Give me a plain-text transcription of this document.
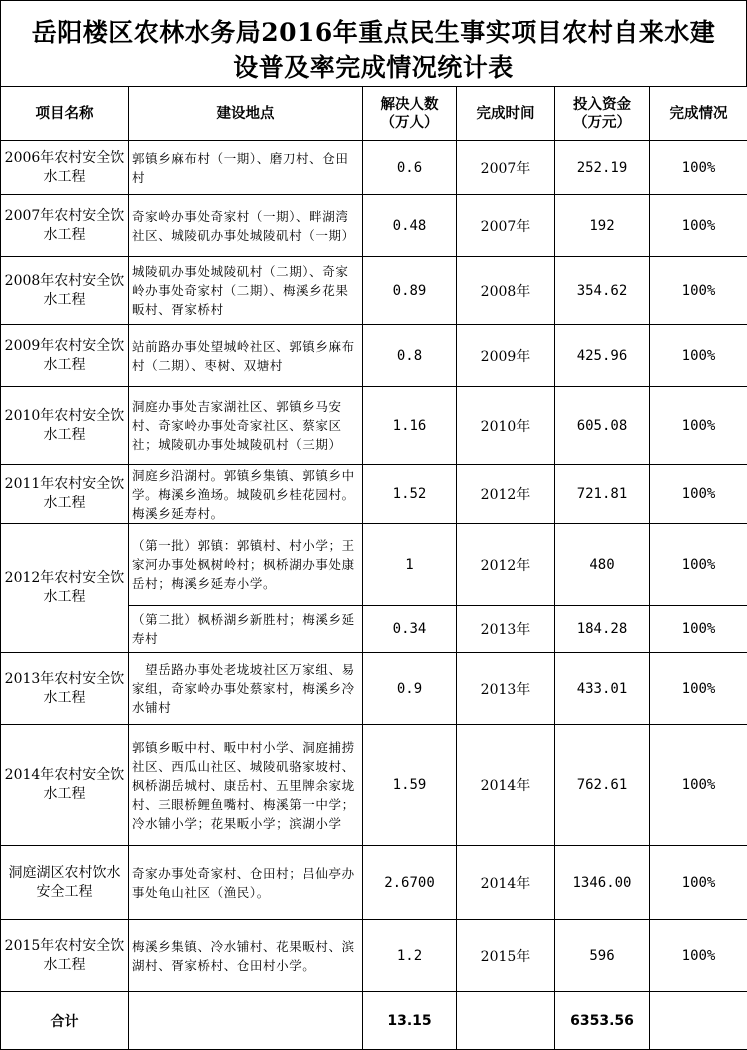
岳阳楼区农林水务局2016年重点民生事实项目农村自来水建
设普及率完成情况统计表
项目名称	建设地点	解决人数（万人）	完成时间	投入资金（万元）	完成情况
2006年农村安全饮水工程	郭镇乡麻布村（一期）、磨刀村、仓田村	0.6	2007年	252.19	100%
2007年农村安全饮水工程	奇家岭办事处奇家村（一期）、畔湖湾社区、城陵矶办事处城陵矶村（一期）	0.48	2007年	192	100%
2008年农村安全饮水工程	城陵矶办事处城陵矶村（二期）、奇家岭办事处奇家村（二期）、梅溪乡花果畈村、胥家桥村	0.89	2008年	354.62	100%
2009年农村安全饮水工程	站前路办事处望城岭社区、郭镇乡麻布村（二期）、枣树、双塘村	0.8	2009年	425.96	100%
2010年农村安全饮水工程	洞庭办事处吉家湖社区、郭镇乡马安村、奇家岭办事处奇家社区、蔡家区社；城陵矶办事处城陵矶村（三期）	1.16	2010年	605.08	100%
2011年农村安全饮水工程	洞庭乡沿湖村。郭镇乡集镇、郭镇乡中学。梅溪乡渔场。城陵矶乡桂花园村。梅溪乡延寿村。	1.52	2012年	721.81	100%
2012年农村安全饮水工程	（第一批）郭镇：郭镇村、村小学；王家河办事处枫树岭村；枫桥湖办事处康岳村；梅溪乡延寿小学。	1	2012年	480	100%
	（第二批）枫桥湖乡新胜村；梅溪乡延寿村	0.34	2013年	184.28	100%
2013年农村安全饮水工程	　望岳路办事处老垅坡社区万家组、易家组，奇家岭办事处蔡家村，梅溪乡冷水铺村	0.9	2013年	433.01	100%
2014年农村安全饮水工程	郭镇乡畈中村、畈中村小学、洞庭捕捞社区、西瓜山社区、城陵矶骆家坡村、枫桥湖岳城村、康岳村、五里牌余家垅村、三眼桥鲤鱼嘴村、梅溪第一中学；冷水铺小学；花果畈小学；滨湖小学	1.59	2014年	762.61	100%
洞庭湖区农村饮水安全工程	奇家办事处奇家村、仓田村；吕仙亭办事处龟山社区（渔民）。	2.6700	2014年	1346.00	100%
2015年农村安全饮水工程	梅溪乡集镇、冷水铺村、花果畈村、滨湖村、胥家桥村、仓田村小学。	1.2	2015年	596	100%
合计		13.15		6353.56	
